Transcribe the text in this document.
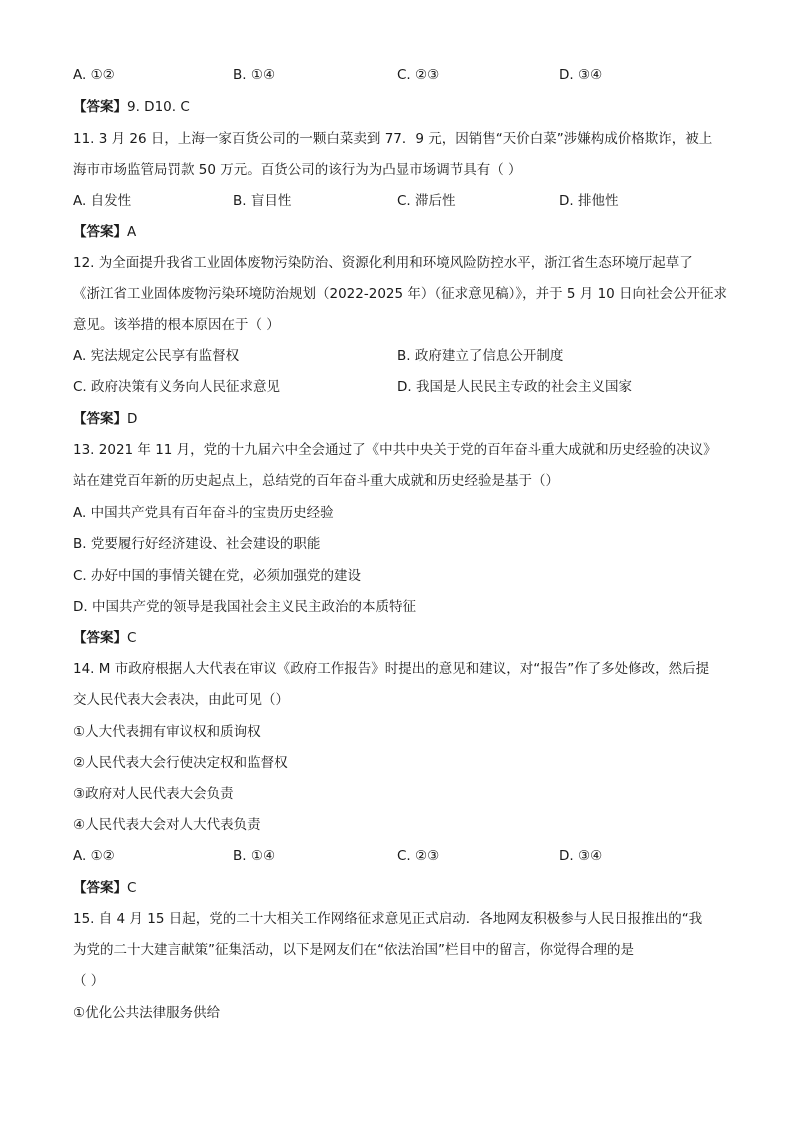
A. ①②	B. ①④	C. ②③	D. ③④
【答案】9. D10. C
11. 3 月 26 日，上海一家百货公司的一颗白菜卖到 77．9 元，因销售“天价白菜”涉嫌构成价格欺诈，被上
海市市场监管局罚款 50 万元。百货公司的该行为为凸显市场调节具有（ ）
A. 自发性	B. 盲目性	C. 滞后性	D. 排他性
【答案】A
12. 为全面提升我省工业固体废物污染防治、资源化利用和环境风险防控水平，浙江省生态环境厅起草了
《浙江省工业固体废物污染环境防治规划（2022-2025 年）（征求意见稿）》，并于 5 月 10 日向社会公开征求
意见。该举措的根本原因在于（ ）
A. 宪法规定公民享有监督权	B. 政府建立了信息公开制度
C. 政府决策有义务向人民征求意见	D. 我国是人民民主专政的社会主义国家
【答案】D
13. 2021 年 11 月，党的十九届六中全会通过了《中共中央关于党的百年奋斗重大成就和历史经验的决议》
站在建党百年新的历史起点上，总结党的百年奋斗重大成就和历史经验是基于（）
A. 中国共产党具有百年奋斗的宝贵历史经验
B. 党要履行好经济建设、社会建设的职能
C. 办好中国的事情关键在党，必须加强党的建设
D. 中国共产党的领导是我国社会主义民主政治的本质特征
【答案】C
14. M 市政府根据人大代表在审议《政府工作报告》时提出的意见和建议，对“报告”作了多处修改，然后提
交人民代表大会表决，由此可见（）
①人大代表拥有审议权和质询权
②人民代表大会行使决定权和监督权
③政府对人民代表大会负责
④人民代表大会对人大代表负责
A. ①②	B. ①④	C. ②③	D. ③④
【答案】C
15. 自 4 月 15 日起，党的二十大相关工作网络征求意见正式启动．各地网友积极参与人民日报推出的“我
为党的二十大建言献策”征集活动，以下是网友们在“依法治国”栏目中的留言，你觉得合理的是
（ ）
①优化公共法律服务供给
